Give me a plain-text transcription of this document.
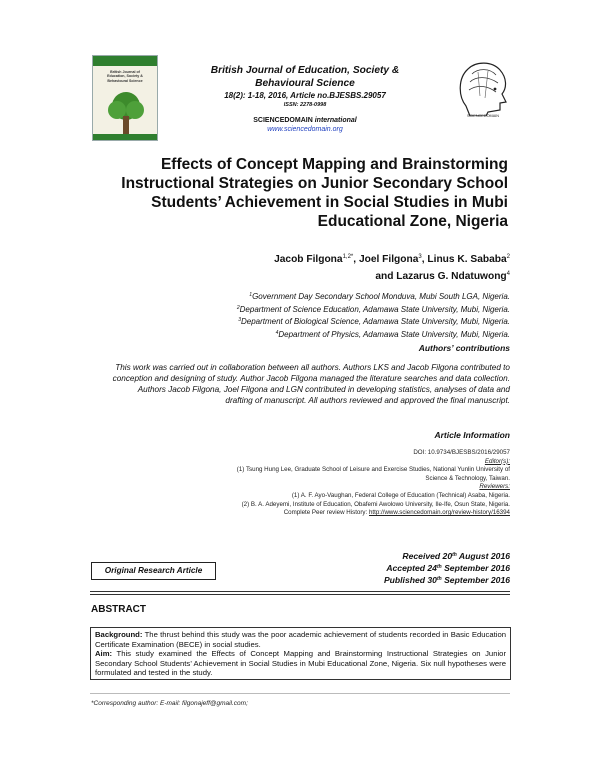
British Journal of
Education, Society &
Behavioural Science
British Journal of Education, Society &
Behavioural Science
18(2): 1-18, 2016, Article no.BJESBS.29057
ISSN: 2278-0998
SCIENCEDOMAIN international
www.sciencedomain.org
SCIENCEDOMAIN
Effects of Concept Mapping and Brainstorming Instructional Strategies on Junior Secondary School Students’ Achievement in Social Studies in Mubi Educational Zone, Nigeria
Jacob Filgona$^{1,2*}$, Joel Filgona$^3$, Linus K. Sababa$^2$
and Lazarus G. Ndatuwong$^4$
$^1$Government Day Secondary School Monduva, Mubi South LGA, Nigeria.
$^2$Department of Science Education, Adamawa State University, Mubi, Nigeria.
$^3$Department of Biological Science, Adamawa State University, Mubi, Nigeria.
$^4$Department of Physics, Adamawa State University, Mubi, Nigeria.
Authors’ contributions
This work was carried out in collaboration between all authors. Authors LKS and Jacob Filgona contributed to conception and designing of study. Author Jacob Filgona managed the literature searches and data collection. Authors Jacob Filgona, Joel Filgona and LGN contributed in developing statistics, analyses of data and drafting of manuscript. All authors reviewed and approved the final manuscript.
Article Information
DOI: 10.9734/BJESBS/2016/29057
Editor(s):
(1) Tsung Hung Lee, Graduate School of Leisure and Exercise Studies, National Yunlin University of
Science & Technology, Taiwan.
Reviewers:
(1) A. F. Ayo-Vaughan, Federal College of Education (Technical) Asaba, Nigeria.
(2) B. A. Adeyemi, Institute of Education, Obafemi Awolowo University, Ile-Ife, Osun State, Nigeria.
Complete Peer review History: http://www.sciencedomain.org/review-history/16394
Received 20th August 2016
Accepted 24th September 2016
Published 30th September 2016
Original Research Article
ABSTRACT
Background: The thrust behind this study was the poor academic achievement of students recorded in Basic Education Certificate Examination (BECE) in social studies.
Aim: This study examined the Effects of Concept Mapping and Brainstorming Instructional Strategies on Junior Secondary School Students’ Achievement in Social Studies in Mubi Educational Zone, Nigeria. Six null hypotheses were formulated and tested in the study.
*Corresponding author: E-mail: filgonajeff@gmail.com;
